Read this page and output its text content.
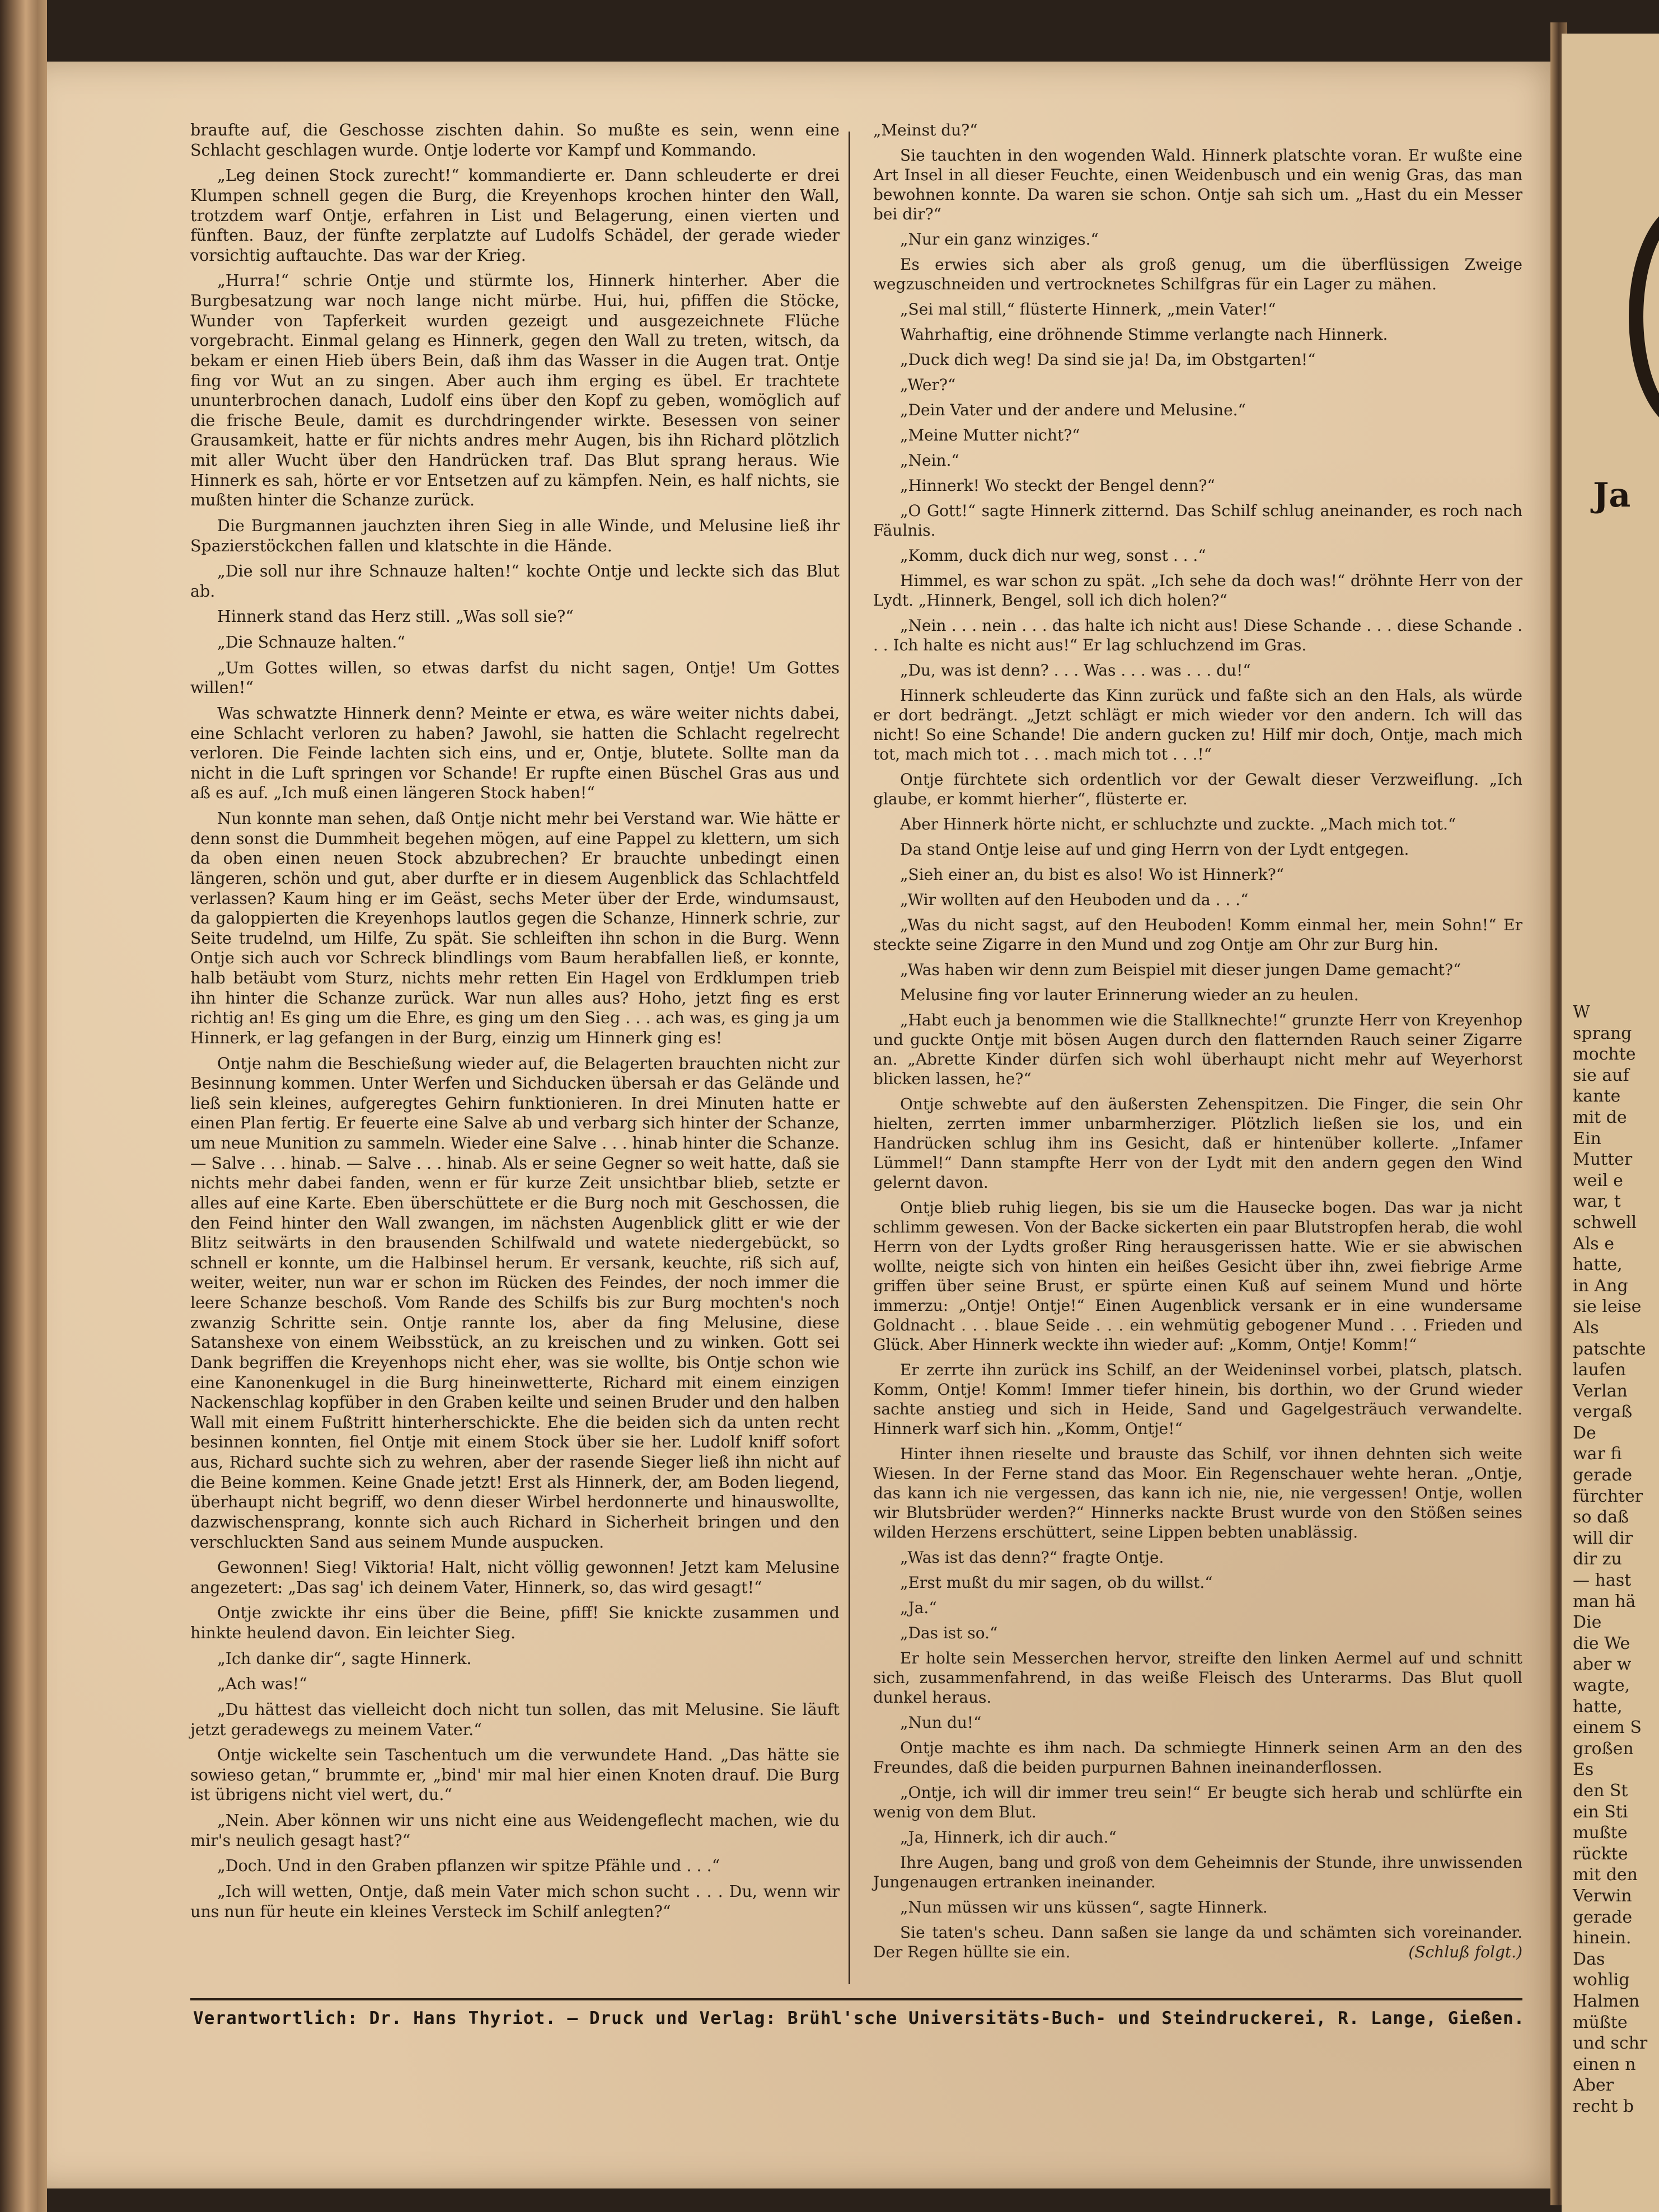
Ja
W
sprang
mochte
sie auf
kante
mit de
Ein
Mutter
weil e
war, t
schwell
Als e
hatte,
in Ang
sie leise
Als
patschte
laufen
Verlan
vergaß
De
war fi
gerade
fürchter
so daß
will dir
dir zu
— hast
man hä
Die
die We
aber w
wagte,
hatte,
einem S
großen
Es
den St
ein Sti
mußte
rückte
mit den
Verwin
gerade
hinein.
Das
wohlig
Halmen
müßte
und schr
einen n
Aber
recht b

braufte auf, die Geschosse zischten dahin. So mußte es sein, wenn eine Schlacht geschlagen wurde. Ontje loderte vor Kampf und Kommando.

„Leg deinen Stock zurecht!“ kommandierte er. Dann schleuderte er drei Klumpen schnell gegen die Burg, die Kreyenhops krochen hinter den Wall, trotzdem warf Ontje, erfahren in List und Belagerung, einen vierten und fünften. Bauz, der fünfte zerplatzte auf Ludolfs Schädel, der gerade wieder vorsichtig auftauchte. Das war der Krieg.

„Hurra!“ schrie Ontje und stürmte los, Hinnerk hinterher. Aber die Burgbesatzung war noch lange nicht mürbe. Hui, hui, pfiffen die Stöcke, Wunder von Tapferkeit wurden gezeigt und ausgezeichnete Flüche vorgebracht. Einmal gelang es Hinnerk, gegen den Wall zu treten, witsch, da bekam er einen Hieb übers Bein, daß ihm das Wasser in die Augen trat. Ontje fing vor Wut an zu singen. Aber auch ihm erging es übel. Er trachtete ununterbrochen danach, Ludolf eins über den Kopf zu geben, womöglich auf die frische Beule, damit es durchdringender wirkte. Besessen von seiner Grausamkeit, hatte er für nichts andres mehr Augen, bis ihn Richard plötzlich mit aller Wucht über den Handrücken traf. Das Blut sprang heraus. Wie Hinnerk es sah, hörte er vor Entsetzen auf zu kämpfen. Nein, es half nichts, sie mußten hinter die Schanze zurück.

Die Burgmannen jauchzten ihren Sieg in alle Winde, und Melusine ließ ihr Spazierstöckchen fallen und klatschte in die Hände.

„Die soll nur ihre Schnauze halten!“ kochte Ontje und leckte sich das Blut ab.

Hinnerk stand das Herz still. „Was soll sie?“

„Die Schnauze halten.“

„Um Gottes willen, so etwas darfst du nicht sagen, Ontje! Um Gottes willen!“

Was schwatzte Hinnerk denn? Meinte er etwa, es wäre weiter nichts dabei, eine Schlacht verloren zu haben? Jawohl, sie hatten die Schlacht regelrecht verloren. Die Feinde lachten sich eins, und er, Ontje, blutete. Sollte man da nicht in die Luft springen vor Schande! Er rupfte einen Büschel Gras aus und aß es auf. „Ich muß einen längeren Stock haben!“

Nun konnte man sehen, daß Ontje nicht mehr bei Verstand war. Wie hätte er denn sonst die Dummheit begehen mögen, auf eine Pappel zu klettern, um sich da oben einen neuen Stock abzubrechen? Er brauchte unbedingt einen längeren, schön und gut, aber durfte er in diesem Augenblick das Schlachtfeld verlassen? Kaum hing er im Geäst, sechs Meter über der Erde, windumsaust, da galoppierten die Kreyenhops lautlos gegen die Schanze, Hinnerk schrie, zur Seite trudelnd, um Hilfe, Zu spät. Sie schleiften ihn schon in die Burg. Wenn Ontje sich auch vor Schreck blindlings vom Baum herabfallen ließ, er konnte, halb betäubt vom Sturz, nichts mehr retten Ein Hagel von Erdklumpen trieb ihn hinter die Schanze zurück. War nun alles aus? Hoho, jetzt fing es erst richtig an! Es ging um die Ehre, es ging um den Sieg . . . ach was, es ging ja um Hinnerk, er lag gefangen in der Burg, einzig um Hinnerk ging es!

Ontje nahm die Beschießung wieder auf, die Belagerten brauchten nicht zur Besinnung kommen. Unter Werfen und Sichducken übersah er das Gelände und ließ sein kleines, aufgeregtes Gehirn funktionieren. In drei Minuten hatte er einen Plan fertig. Er feuerte eine Salve ab und verbarg sich hinter der Schanze, um neue Munition zu sammeln. Wieder eine Salve . . . hinab hinter die Schanze. — Salve . . . hinab. — Salve . . . hinab. Als er seine Gegner so weit hatte, daß sie nichts mehr dabei fanden, wenn er für kurze Zeit unsichtbar blieb, setzte er alles auf eine Karte. Eben überschüttete er die Burg noch mit Geschossen, die den Feind hinter den Wall zwangen, im nächsten Augenblick glitt er wie der Blitz seitwärts in den brausenden Schilfwald und watete niedergebückt, so schnell er konnte, um die Halbinsel herum. Er versank, keuchte, riß sich auf, weiter, weiter, nun war er schon im Rücken des Feindes, der noch immer die leere Schanze beschoß. Vom Rande des Schilfs bis zur Burg mochten's noch zwanzig Schritte sein. Ontje rannte los, aber da fing Melusine, diese Satanshexe von einem Weibsstück, an zu kreischen und zu winken. Gott sei Dank begriffen die Kreyenhops nicht eher, was sie wollte, bis Ontje schon wie eine Kanonenkugel in die Burg hineinwetterte, Richard mit einem einzigen Nackenschlag kopfüber in den Graben keilte und seinen Bruder und den halben Wall mit einem Fußtritt hinterherschickte. Ehe die beiden sich da unten recht besinnen konnten, fiel Ontje mit einem Stock über sie her. Ludolf kniff sofort aus, Richard suchte sich zu wehren, aber der rasende Sieger ließ ihn nicht auf die Beine kommen. Keine Gnade jetzt! Erst als Hinnerk, der, am Boden liegend, überhaupt nicht begriff, wo denn dieser Wirbel herdonnerte und hinauswollte, dazwischensprang, konnte sich auch Richard in Sicherheit bringen und den verschluckten Sand aus seinem Munde auspucken.

Gewonnen! Sieg! Viktoria! Halt, nicht völlig gewonnen! Jetzt kam Melusine angezetert: „Das sag' ich deinem Vater, Hinnerk, so, das wird gesagt!“

Ontje zwickte ihr eins über die Beine, pfiff! Sie knickte zusammen und hinkte heulend davon. Ein leichter Sieg.

„Ich danke dir“, sagte Hinnerk.

„Ach was!“

„Du hättest das vielleicht doch nicht tun sollen, das mit Melusine. Sie läuft jetzt geradewegs zu meinem Vater.“

Ontje wickelte sein Taschentuch um die verwundete Hand. „Das hätte sie sowieso getan,“ brummte er, „bind' mir mal hier einen Knoten drauf. Die Burg ist übrigens nicht viel wert, du.“

„Nein. Aber können wir uns nicht eine aus Weidengeflecht machen, wie du mir's neulich gesagt hast?“

„Doch. Und in den Graben pflanzen wir spitze Pfähle und . . .“

„Ich will wetten, Ontje, daß mein Vater mich schon sucht . . . Du, wenn wir uns nun für heute ein kleines Versteck im Schilf anlegten?“

„Meinst du?“

Sie tauchten in den wogenden Wald. Hinnerk platschte voran. Er wußte eine Art Insel in all dieser Feuchte, einen Weidenbusch und ein wenig Gras, das man bewohnen konnte. Da waren sie schon. Ontje sah sich um. „Hast du ein Messer bei dir?“

„Nur ein ganz winziges.“

Es erwies sich aber als groß genug, um die überflüssigen Zweige wegzuschneiden und vertrocknetes Schilfgras für ein Lager zu mähen.

„Sei mal still,“ flüsterte Hinnerk, „mein Vater!“

Wahrhaftig, eine dröhnende Stimme verlangte nach Hinnerk.

„Duck dich weg! Da sind sie ja! Da, im Obstgarten!“

„Wer?“

„Dein Vater und der andere und Melusine.“

„Meine Mutter nicht?“

„Nein.“

„Hinnerk! Wo steckt der Bengel denn?“

„O Gott!“ sagte Hinnerk zitternd. Das Schilf schlug aneinander, es roch nach Fäulnis.

„Komm, duck dich nur weg, sonst . . .“

Himmel, es war schon zu spät. „Ich sehe da doch was!“ dröhnte Herr von der Lydt. „Hinnerk, Bengel, soll ich dich holen?“

„Nein . . . nein . . . das halte ich nicht aus! Diese Schande . . . diese Schande . . . Ich halte es nicht aus!“ Er lag schluchzend im Gras.

„Du, was ist denn? . . . Was . . . was . . . du!“

Hinnerk schleuderte das Kinn zurück und faßte sich an den Hals, als würde er dort bedrängt. „Jetzt schlägt er mich wieder vor den andern. Ich will das nicht! So eine Schande! Die andern gucken zu! Hilf mir doch, Ontje, mach mich tot, mach mich tot . . . mach mich tot . . .!“

Ontje fürchtete sich ordentlich vor der Gewalt dieser Verzweiflung. „Ich glaube, er kommt hierher“, flüsterte er.

Aber Hinnerk hörte nicht, er schluchzte und zuckte. „Mach mich tot.“

Da stand Ontje leise auf und ging Herrn von der Lydt entgegen.

„Sieh einer an, du bist es also! Wo ist Hinnerk?“

„Wir wollten auf den Heuboden und da . . .“

„Was du nicht sagst, auf den Heuboden! Komm einmal her, mein Sohn!“ Er steckte seine Zigarre in den Mund und zog Ontje am Ohr zur Burg hin.

„Was haben wir denn zum Beispiel mit dieser jungen Dame gemacht?“

Melusine fing vor lauter Erinnerung wieder an zu heulen.

„Habt euch ja benommen wie die Stallknechte!“ grunzte Herr von Kreyenhop und guckte Ontje mit bösen Augen durch den flatternden Rauch seiner Zigarre an. „Abrette Kinder dürfen sich wohl überhaupt nicht mehr auf Weyerhorst blicken lassen, he?“

Ontje schwebte auf den äußersten Zehenspitzen. Die Finger, die sein Ohr hielten, zerrten immer unbarmherziger. Plötzlich ließen sie los, und ein Handrücken schlug ihm ins Gesicht, daß er hintenüber kollerte. „Infamer Lümmel!“ Dann stampfte Herr von der Lydt mit den andern gegen den Wind gelernt davon.

Ontje blieb ruhig liegen, bis sie um die Hausecke bogen. Das war ja nicht schlimm gewesen. Von der Backe sickerten ein paar Blutstropfen herab, die wohl Herrn von der Lydts großer Ring herausgerissen hatte. Wie er sie abwischen wollte, neigte sich von hinten ein heißes Gesicht über ihn, zwei fiebrige Arme griffen über seine Brust, er spürte einen Kuß auf seinem Mund und hörte immerzu: „Ontje! Ontje!“ Einen Augenblick versank er in eine wundersame Goldnacht . . . blaue Seide . . . ein wehmütig gebogener Mund . . . Frieden und Glück. Aber Hinnerk weckte ihn wieder auf: „Komm, Ontje! Komm!“

Er zerrte ihn zurück ins Schilf, an der Weideninsel vorbei, platsch, platsch. Komm, Ontje! Komm! Immer tiefer hinein, bis dorthin, wo der Grund wieder sachte anstieg und sich in Heide, Sand und Gagelgesträuch verwandelte. Hinnerk warf sich hin. „Komm, Ontje!“

Hinter ihnen rieselte und brauste das Schilf, vor ihnen dehnten sich weite Wiesen. In der Ferne stand das Moor. Ein Regenschauer wehte heran. „Ontje, das kann ich nie vergessen, das kann ich nie, nie, nie vergessen! Ontje, wollen wir Blutsbrüder werden?“ Hinnerks nackte Brust wurde von den Stößen seines wilden Herzens erschüttert, seine Lippen bebten unablässig.

„Was ist das denn?“ fragte Ontje.

„Erst mußt du mir sagen, ob du willst.“

„Ja.“

„Das ist so.“

Er holte sein Messerchen hervor, streifte den linken Aermel auf und schnitt sich, zusammenfahrend, in das weiße Fleisch des Unterarms. Das Blut quoll dunkel heraus.

„Nun du!“

Ontje machte es ihm nach. Da schmiegte Hinnerk seinen Arm an den des Freundes, daß die beiden purpurnen Bahnen ineinanderflossen.

„Ontje, ich will dir immer treu sein!“ Er beugte sich herab und schlürfte ein wenig von dem Blut.

„Ja, Hinnerk, ich dir auch.“

Ihre Augen, bang und groß von dem Geheimnis der Stunde, ihre unwissenden Jungenaugen ertranken ineinander.

„Nun müssen wir uns küssen“, sagte Hinnerk.

Sie taten's scheu. Dann saßen sie lange da und schämten sich voreinander. Der Regen hüllte sie ein.	(Schluß folgt.)

Verantwortlich: Dr. Hans Thyriot. — Druck und Verlag: Brühl'sche Universitäts-Buch- und Steindruckerei, R. Lange, Gießen.
